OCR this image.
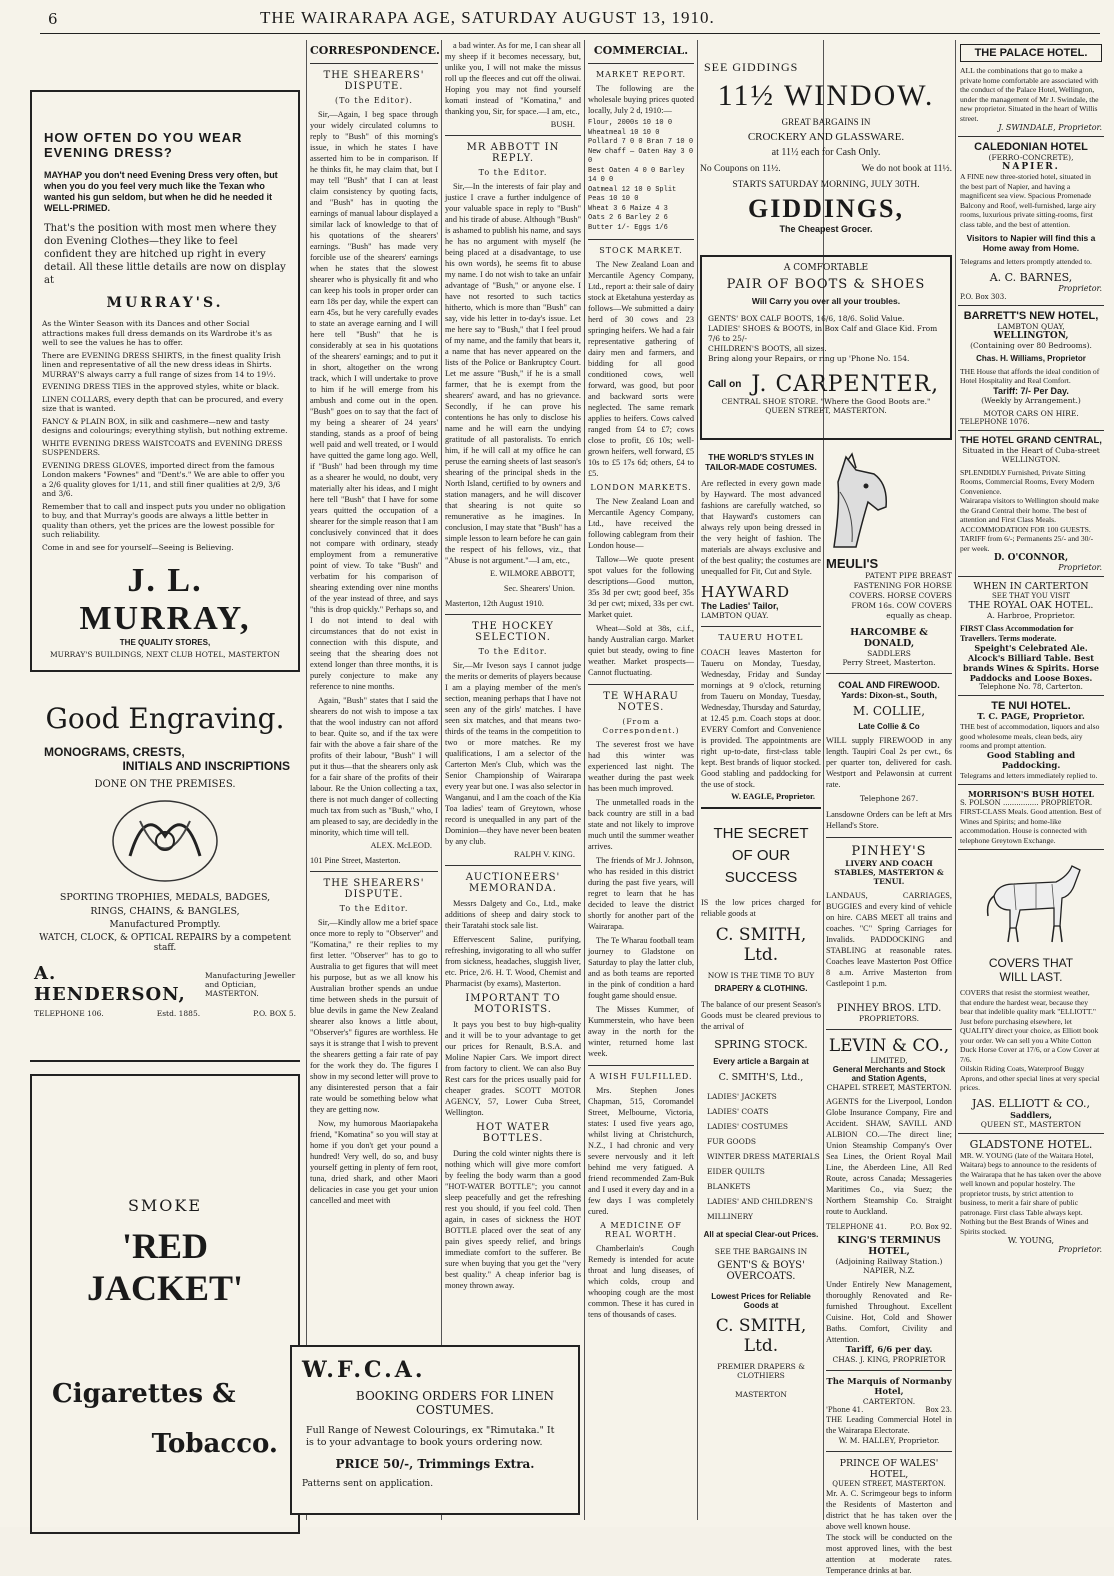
6	THE WAIRARAPA AGE, SATURDAY AUGUST 13, 1910.
HOW OFTEN DO YOU WEAR EVENING DRESS?
MAYHAP you don't need Evening Dress very often, but when you do you feel very much like the Texan who wanted his gun seldom, but when he did he needed it WELL-PRIMED.
That's the position with most men where they don Evening Clothes—they like to feel confident they are hitched up right in every detail. All these little details are now on display at
MURRAY'S.
As the Winter Season with its Dances and other Social attractions makes full dress demands on its Wardrobe it's as well to see the values he has to offer.
There are EVENING DRESS SHIRTS, in the finest quality Irish linen and representative of all the new dress ideas in Shirts. MURRAY'S always carry a full range of sizes from 14 to 19½.
EVENING DRESS TIES in the approved styles, white or black.
LINEN COLLARS, every depth that can be procured, and every size that is wanted.
FANCY & PLAIN BOX, in silk and cashmere—new and tasty designs and colourings; everything stylish, but nothing extreme.
WHITE EVENING DRESS WAISTCOATS and EVENING DRESS SUSPENDERS.
EVENING DRESS GLOVES, imported direct from the famous London makers "Fownes" and "Dent's." We are able to offer you a 2/6 quality gloves for 1/11, and still finer qualities at 2/9, 3/6 and 3/6.
Remember that to call and inspect puts you under no obligation to buy, and that Murray's goods are always a little better in quality than others, yet the prices are the lowest possible for such reliability.
Come in and see for yourself—Seeing is Believing.
J. L. MURRAY,
THE QUALITY STORES,
MURRAY'S BUILDINGS, NEXT CLUB HOTEL, MASTERTON
Good Engraving.
MONOGRAMS, CRESTS,
INITIALS AND INSCRIPTIONS
DONE ON THE PREMISES.
SPORTING TROPHIES, MEDALS, BADGES,
RINGS, CHAINS, & BANGLES,
Manufactured Promptly.
WATCH, CLOCK, & OPTICAL REPAIRS by a competent staff.
A. HENDERSON,
Manufacturing Jeweller and Optician, MASTERTON.
TELEPHONE 106.	Estd. 1885.	P.O. BOX 5.
SMOKE
'RED JACKET'
Cigarettes &
Tobacco.
CORRESPONDENCE.
THE SHEARERS' DISPUTE.
(To the Editor).

Sir,—Again, I beg space through your widely circulated columns to reply to "Bush" of this morning's issue, in which he states I have asserted him to be in comparison. If he thinks fit, he may claim that, but I may tell "Bush" that I can at least claim consistency by quoting facts, and "Bush" has in quoting the earnings of manual labour displayed a similar lack of knowledge to that of his quotations of the shearers' earnings. "Bush" has made very forcible use of the shearers' earnings when he states that the slowest shearer who is physically fit and who can keep his tools in proper order can earn 18s per day, while the expert can earn 45s, but he very carefully evades to state an average earning and I will here tell "Bush" that he is considerably at sea in his quotations of the shearers' earnings; and to put it in short, altogether on the wrong track, which I will undertake to prove to him if he will emerge from his ambush and come out in the open. "Bush" goes on to say that the fact of my being a shearer of 24 years' standing, stands as a proof of being well paid and well treated, or I would have quitted the game long ago. Well, if "Bush" had been through my time as a shearer he would, no doubt, very materially alter his ideas, and I might here tell "Bush" that I have for some years quitted the occupation of a shearer for the simple reason that I am conclusively convinced that it does not compare with ordinary, steady employment from a remunerative point of view. To take "Bush" and verbatim for his comparison of shearing extending over nine months of the year instead of three, and says "this is drop quickly." Perhaps so, and I do not intend to deal with circumstances that do not exist in connection with this dispute, and seeing that the shearing does not extend longer than three months, it is purely conjecture to make any reference to nine months.

Again, "Bush" states that I said the shearers do not wish to impose a tax that the wool industry can not afford to bear. Quite so, and if the tax were fair with the above a fair share of the profits of their labour, "Bush" I will put it thus—that the shearers only ask for a fair share of the profits of their labour. Re the Union collecting a tax, there is not much danger of collecting much tax from such as "Bush," who, I am pleased to say, are decidedly in the minority, which time will tell.

ALEX. McLEOD.
101 Pine Street, Masterton.
THE SHEARERS' DISPUTE.
To the Editor.

Sir,—Kindly allow me a brief space once more to reply to "Observer" and "Komatina," re their replies to my first letter. "Observer" has to go to Australia to get figures that will meet his purpose, but as we all know his Australian brother spends an undue time between sheds in the pursuit of blue devils in game the New Zealand shearer also knows a little about, "Observer's" figures are worthless. He says it is strange that I wish to prevent the shearers getting a fair rate of pay for the work they do. The figures I show in my second letter will prove to any disinterested person that a fair rate would be something below what they are getting now.

Now, my humorous Maoriapakeha friend, "Komatina" so you will stay at home if you don't get your pound a hundred! Very well, do so, and busy yourself getting in plenty of fern root, tuna, dried shark, and other Maori delicacies in case you get your union cancelled and meet with

a bad winter. As for me, I can shear all my sheep if it becomes necessary, but, unlike you, I will not make the missus roll up the fleeces and cut off the oliwai. Hoping you may not find yourself komati instead of "Komatina," and thanking you, Sir, for space.—I am, etc.,

BUSH.
MR ABBOTT IN REPLY.
To the Editor.

Sir,—In the interests of fair play and justice I crave a further indulgence of your valuable space in reply to "Bush" and his tirade of abuse. Although "Bush" is ashamed to publish his name, and says he has no argument with myself (he being placed at a disadvantage, to use his own words), he seems fit to abuse my name. I do not wish to take an unfair advantage of "Bush," or anyone else. I have not resorted to such tactics hitherto, which is more than "Bush" can say, vide his letter in to-day's issue. Let me here say to "Bush," that I feel proud of my name, and the family that bears it, a name that has never appeared on the lists of the Police or Bankruptcy Court. Let me assure "Bush," if he is a small farmer, that he is exempt from the shearers' award, and has no grievance. Secondly, if he can prove his contentions he has only to disclose his name and he will earn the undying gratitude of all pastoralists. To enrich him, if he will call at my office he can peruse the earning sheets of last season's shearing of the principal sheds in the North Island, certified to by owners and station managers, and he will discover that shearing is not quite so remunerative as he imagines. In conclusion, I may state that "Bush" has a simple lesson to learn before he can gain the respect of his fellows, viz., that "Abuse is not argument."—I am, etc.,

E. WILMORE ABBOTT,
Sec. Shearers' Union.
Masterton, 12th August 1910.
THE HOCKEY SELECTION.
To the Editor.

Sir,—Mr Iveson says I cannot judge the merits or demerits of players because I am a playing member of the men's section, meaning perhaps that I have not seen any of the girls' matches. I have seen six matches, and that means two-thirds of the teams in the competition to two or more matches. Re my qualifications, I am a selector of the Carterton Men's Club, which was the Senior Championship of Wairarapa every year but one. I was also selector in Wanganui, and I am the coach of the Kia Toa ladies' team of Greytown, whose record is unequalled in any part of the Dominion—they have never been beaten by any club.

RALPH V. KING.
AUCTIONEERS' MEMORANDA.

Messrs Dalgety and Co., Ltd., make additions of sheep and dairy stock to their Taratahi stock sale list.

Effervescent Saline, purifying, refreshing, invigorating to all who suffer from sickness, headaches, sluggish liver, etc. Price, 2/6. H. T. Wood, Chemist and Pharmacist (by exams), Masterton.

IMPORTANT TO MOTORISTS.

It pays you best to buy high-quality and it will be to your advantage to get our prices for Renault, B.S.A. and Moline Napier Cars. We import direct from factory to client. We can also Buy Rest cars for the prices usually paid for cheaper grades. SCOTT MOTOR AGENCY, 57, Lower Cuba Street, Wellington.

HOT WATER BOTTLES.

During the cold winter nights there is nothing which will give more comfort by feeling the body warm than a good "HOT-WATER BOTTLE"; you cannot sleep peacefully and get the refreshing rest you should, if you feel cold. Then again, in cases of sickness the HOT BOTTLE placed over the seat of any pain gives speedy relief, and brings immediate comfort to the sufferer. Be sure when buying that you get the "very best quality." A cheap inferior bag is money thrown away.

W.F.C.A.
BOOKING ORDERS FOR LINEN COSTUMES.
Full Range of Newest Colourings, ex "Rimutaka." It is to your advantage to book yours ordering now.
PRICE 50/-, Trimmings Extra.
Patterns sent on application.
COMMERCIAL.
MARKET REPORT.

The following are the wholesale buying prices quoted locally, July 2 d, 1910:—

Flour, 2000s 10 10 0 Wheatmeal 10 10 0
Pollard 7 0 0 Bran 7 10 0
New chaff — Oaten Hay 3 0 0
Best Oaten 4 0 0 Barley 14 0 0
Oatmeal 12 10 0 Split Peas 10 10 0
Wheat 3 6 Maize 4 3
Oats 2 6 Barley 2 6
Butter 1/- Eggs 1/6
STOCK MARKET.

The New Zealand Loan and Mercantile Agency Company, Ltd., report a: their sale of dairy stock at Eketahuna yesterday as follows—We submitted a dairy herd of 30 cows and 23 springing heifers. We had a fair representative gathering of dairy men and farmers, and bidding for all good conditioned cows, well forward, was good, but poor and backward sorts were neglected. The same remark applies to heifers. Cows calved ranged from £4 to £7; cows close to profit, £6 10s; well-grown heifers, well forward, £5 10s to £5 17s 6d; others, £4 to £5.

LONDON MARKETS.

The New Zealand Loan and Mercantile Agency Company, Ltd., have received the following cablegram from their London house—

Tallow—We quote present spot values for the following descriptions—Good mutton, 35s 3d per cwt; good beef, 35s 3d per cwt; mixed, 33s per cwt. Market quiet.

Wheat—Sold at 38s, c.i.f., handy Australian cargo. Market quiet but steady, owing to fine weather. Market prospects—Cannot fluctuating.

TE WHARAU NOTES.
(From a Correspondent.)

The severest frost we have had this winter was experienced last night. The weather during the past week has been much improved.

The unmetalled roads in the back country are still in a bad state and not likely to improve much until the summer weather arrives.

The friends of Mr J. Johnson, who has resided in this district during the past five years, will regret to learn that he has decided to leave the district shortly for another part of the Wairarapa.

The Te Wharau football team journey to Gladstone on Saturday to play the latter club, and as both teams are reported in the pink of condition a hard fought game should ensue.

The Misses Kummer, of Kummerstein, who have been away in the north for the winter, returned home last week.

A WISH FULFILLED.

Mrs. Stephen Jones Chapman, 515, Coromandel Street, Melbourne, Victoria, states: I used five years ago, whilst living at Christchurch, N.Z., I had chronic and very severe nervously and it left behind me very fatigued. A friend recommended Zam-Buk and I used it every day and in a few days I was completely cured.

A MEDICINE OF REAL WORTH.

Chamberlain's Cough Remedy is intended for acute throat and lung diseases, of which colds, croup and whooping cough are the most common. These it has cured in tens of thousands of cases.

SEE GIDDINGS
11½ WINDOW.
GREAT BARGAINS IN
CROCKERY AND GLASSWARE.
at 11½ each for Cash Only.
No Coupons on 11½.	We do not book at 11½.
STARTS SATURDAY MORNING, JULY 30TH.
GIDDINGS,
The Cheapest Grocer.
A COMFORTABLE
PAIR OF BOOTS & SHOES
Will Carry you over all your troubles.
GENTS' BOX CALF BOOTS, 16/6, 18/6. Solid Value.
LADIES' SHOES & BOOTS, in Box Calf and Glace Kid. From 7/6 to 25/-
CHILDREN'S BOOTS, all sizes.
Bring along your Repairs, or ring up 'Phone No. 154.
Call on J. CARPENTER,
CENTRAL SHOE STORE. "Where the Good Boots are."
QUEEN STREET, MASTERTON.
THE WORLD'S STYLES IN TAILOR-MADE COSTUMES.
Are reflected in every gown made by Hayward. The most advanced fashions are carefully watched, so that Hayward's customers can always rely upon being dressed in the very height of fashion. The materials are always exclusive and of the best quality; the costumes are unequalled for Fit, Cut and Style.
HAYWARD
The Ladies' Tailor,
LAMBTON QUAY.
TAUERU HOTEL
COACH leaves Masterton for Taueru on Monday, Tuesday, Wednesday, Friday and Sunday mornings at 9 o'clock, returning from Taueru on Monday, Tuesday, Wednesday, Thursday and Saturday, at 12.45 p.m. Coach stops at door. EVERY Comfort and Convenience is provided. The appointments are right up-to-date, first-class table kept. Best brands of liquor stocked. Good stabling and paddocking for the use of stock.
W. EAGLE, Proprietor.
THE SECRET
OF OUR
SUCCESS
IS the low prices charged for reliable goods at
C. SMITH, Ltd.
NOW IS THE TIME TO BUY
DRAPERY & CLOTHING.
The balance of our present Season's Goods must be cleared previous to the arrival of
SPRING STOCK.
Every article a Bargain at
C. SMITH'S, Ltd.,
LADIES' JACKETS
LADIES' COATS
LADIES' COSTUMES
FUR GOODS
WINTER DRESS MATERIALS
EIDER QUILTS
BLANKETS
LADIES' AND CHILDREN'S MILLINERY
All at special Clear-out Prices.
SEE THE BARGAINS IN
GENT'S & BOYS' OVERCOATS.
Lowest Prices for Reliable Goods at
C. SMITH, Ltd.
PREMIER DRAPERS & CLOTHIERS
MASTERTON
MEULI'S
PATENT PIPE BREAST FASTENING FOR HORSE COVERS. HORSE COVERS FROM 16s. COW COVERS equally as cheap.
HARCOMBE & DONALD,
SADDLERS
Perry Street, Masterton.
COAL AND FIREWOOD.
Yards: Dixon-st., South,
M. COLLIE,
Late Collie & Co
WILL supply FIREWOOD in any length. Taupiri Coal 2s per cwt., 6s per quarter ton, delivered for cash. Westport and Pelawonsin at current rate.
Telephone 267.
Lansdowne Orders can be left at Mrs Helland's Store.
PINHEY'S
LIVERY AND COACH STABLES, MASTERTON & TENUI.
LANDAUS, CARRIAGES, BUGGIES and every kind of vehicle on hire. CABS MEET all trains and coaches. "C" Spring Carriages for Invalids. PADDOCKING and STABLING at reasonable rates. Coaches leave Masterton Post Office 8 a.m. Arrive Masterton from Castlepoint 1 p.m.
PINHEY BROS. LTD.
PROPRIETORS.
LEVIN & CO.,
LIMITED,
General Merchants and Stock and Station Agents,
CHAPEL STREET, MASTERTON.
AGENTS for the Liverpool, London Globe Insurance Company, Fire and Accident. SHAW, SAVILL AND ALBION CO.—The direct line; Union Steamship Company's Over Sea Lines, the Orient Royal Mail Line, the Aberdeen Line, All Red Route, across Canada; Messageries Maritimes Co., via Suez; the Northern Steamship Co. Straight route to Auckland.
TELEPHONE 41.	P.O. Box 92.
KING'S TERMINUS HOTEL,
(Adjoining Railway Station.) NAPIER, N.Z.
Under Entirely New Management, thoroughly Renovated and Re-furnished Throughout. Excellent Cuisine. Hot, Cold and Shower Baths. Comfort, Civility and Attention.
Tariff, 6/6 per day.
CHAS. J. KING, PROPRIETOR
The Marquis of Normanby Hotel,
CARTERTON.
'Phone 41.	Box 23.
THE Leading Commercial Hotel in the Wairarapa Electorate.
W. M. HALLEY, Proprietor.
PRINCE OF WALES' HOTEL,
QUEEN STREET, MASTERTON.
Mr. A. C. Scrimgeour begs to inform the Residents of Masterton and district that he has taken over the above well known house.
The stock will be conducted on the most approved lines, with the best attention at moderate rates. Temperance drinks at bar.
THE PALACE HOTEL.
ALL the combinations that go to make a private home comfortable are associated with the conduct of the Palace Hotel, Wellington, under the management of Mr J. Swindale, the new proprietor. Situated in the heart of Willis street.
J. SWINDALE, Proprietor.
CALEDONIAN HOTEL
(FERRO-CONCRETE),
NAPIER.
A FINE new three-storied hotel, situated in the best part of Napier, and having a magnificent sea view. Spacious Promenade Balcony and Roof, well-furnished, large airy rooms, luxurious private sitting-rooms, first class table, and the best of attention.
Visitors to Napier will find this a Home away from Home.
Telegrams and letters promptly attended to.
A. C. BARNES,
Proprietor.
P.O. Box 303.
BARRETT'S NEW HOTEL,
LAMBTON QUAY,
WELLINGTON,
(Containing over 80 Bedrooms).
Chas. H. Williams, Proprietor
THE House that affords the ideal condition of Hotel Hospitality and Real Comfort.
Tariff: 7/- Per Day.
(Weekly by Arrangement.)
MOTOR CARS ON HIRE.
TELEPHONE 1076.
THE HOTEL GRAND CENTRAL,
Situated in the Heart of Cuba-street WELLINGTON.
SPLENDIDLY Furnished, Private Sitting Rooms, Commercial Rooms, Every Modern Convenience.
Wairarapa visitors to Wellington should make the Grand Central their home. The best of attention and First Class Meals.
ACCOMMODATION FOR 100 GUESTS.
TARIFF from 6/-; Permanents 25/- and 30/- per week.
D. O'CONNOR,
Proprietor.
WHEN IN CARTERTON
SEE THAT YOU VISIT
THE ROYAL OAK HOTEL.
A. Harbroe, Proprietor.
FIRST Class Accommodation for Travellers. Terms moderate.
Speight's Celebrated Ale.
Alcock's Billiard Table. Best brands Wines & Spirits. Horse Paddocks and Loose Boxes.
Telephone No. 78, Carterton.
TE NUI HOTEL.
T. C. PAGE, Proprietor.
THE best of accommodation, liquors and also good wholesome meals, clean beds, airy rooms and prompt attention.
Good Stabling and Paddocking.
Telegrams and letters immediately replied to.
MORRISON'S BUSH HOTEL
S. POLSON ................ PROPRIETOR.
FIRST-CLASS Meals. Good attention. Best of Wines and Spirits; and home-like accommodation. House is connected with telephone Greytown Exchange.
COVERS THAT
WILL LAST.
COVERS that resist the stormiest weather, that endure the hardest wear, because they bear that indelible quality mark "ELLIOTT." Just before purchasing elsewhere, let QUALITY direct your choice, as Elliott book your order. We can sell you a White Cotton Duck Horse Cover at 17/6, or a Cow Cover at 7/6.
Oilskin Riding Coats, Waterproof Buggy Aprons, and other special lines at very special prices.
JAS. ELLIOTT & CO.,
Saddlers,
QUEEN ST., MASTERTON
GLADSTONE HOTEL.
MR. W. YOUNG (late of the Waitara Hotel, Waitara) begs to announce to the residents of the Wairarapa that he has taken over the above well known and popular hostelry. The proprietor trusts, by strict attention to business, to merit a fair share of public patronage. First class Table always kept. Nothing but the Best Brands of Wines and Spirits stocked.
W. YOUNG,
Proprietor.
